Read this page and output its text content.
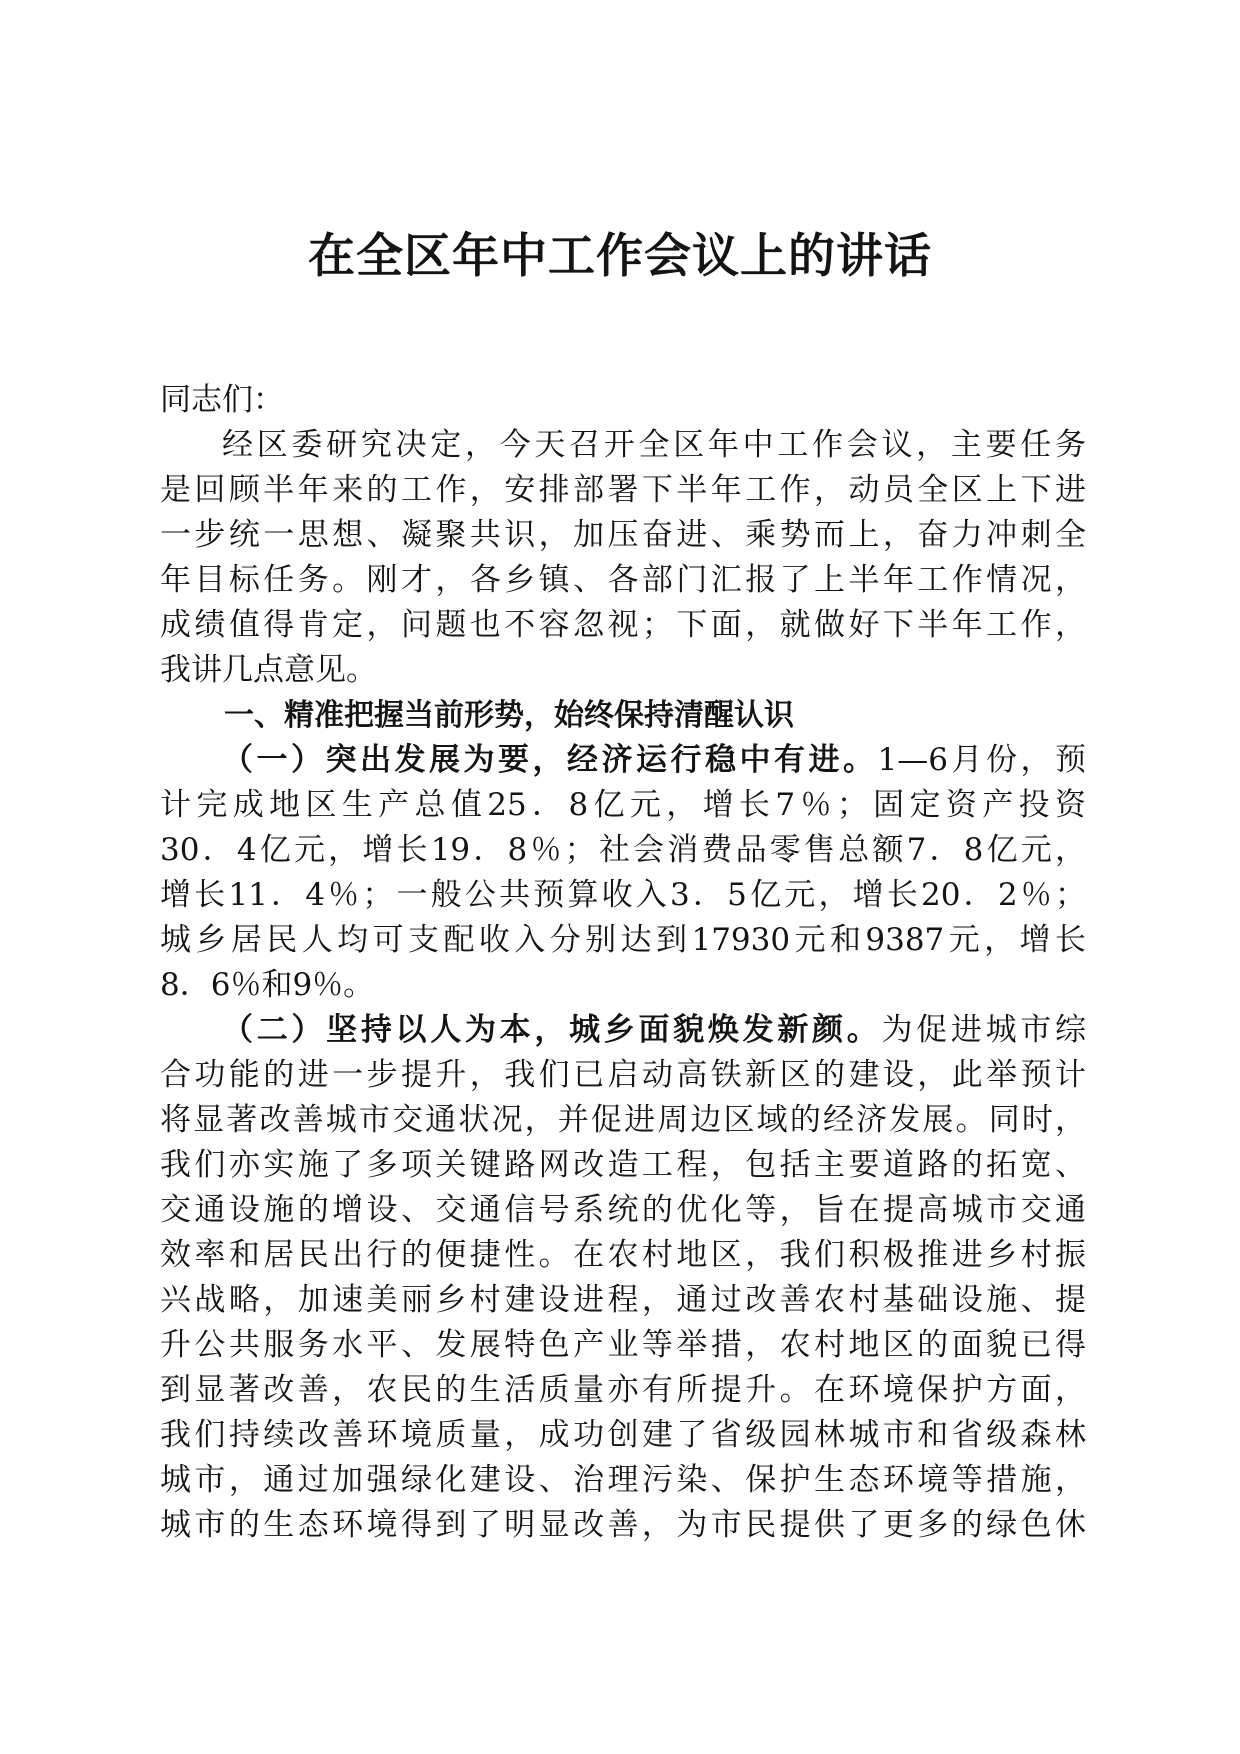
在全区年中工作会议上的讲话
同志们：
经区委研究决定，今天召开全区年中工作会议，主要任务
是回顾半年来的工作，安排部署下半年工作，动员全区上下进
一步统一思想、凝聚共识，加压奋进、乘势而上，奋力冲刺全
年目标任务。刚才，各乡镇、各部门汇报了上半年工作情况，
成绩值得肯定，问题也不容忽视；下面，就做好下半年工作，
我讲几点意见。
一、精准把握当前形势，始终保持清醒认识
（一）突出发展为要，经济运行稳中有进。1—6月份，预
计完成地区生产总值25．8亿元，增长7％；固定资产投资
30．4亿元，增长19．8％；社会消费品零售总额7．8亿元，
增长11．4％；一般公共预算收入3．5亿元，增长20．2％；
城乡居民人均可支配收入分别达到17930元和9387元，增长
8．6％和9％。
（二）坚持以人为本，城乡面貌焕发新颜。为促进城市综
合功能的进一步提升，我们已启动高铁新区的建设，此举预计
将显著改善城市交通状况，并促进周边区域的经济发展。同时，
我们亦实施了多项关键路网改造工程，包括主要道路的拓宽、
交通设施的增设、交通信号系统的优化等，旨在提高城市交通
效率和居民出行的便捷性。在农村地区，我们积极推进乡村振
兴战略，加速美丽乡村建设进程，通过改善农村基础设施、提
升公共服务水平、发展特色产业等举措，农村地区的面貌已得
到显著改善，农民的生活质量亦有所提升。在环境保护方面，
我们持续改善环境质量，成功创建了省级园林城市和省级森林
城市，通过加强绿化建设、治理污染、保护生态环境等措施，
城市的生态环境得到了明显改善，为市民提供了更多的绿色休
